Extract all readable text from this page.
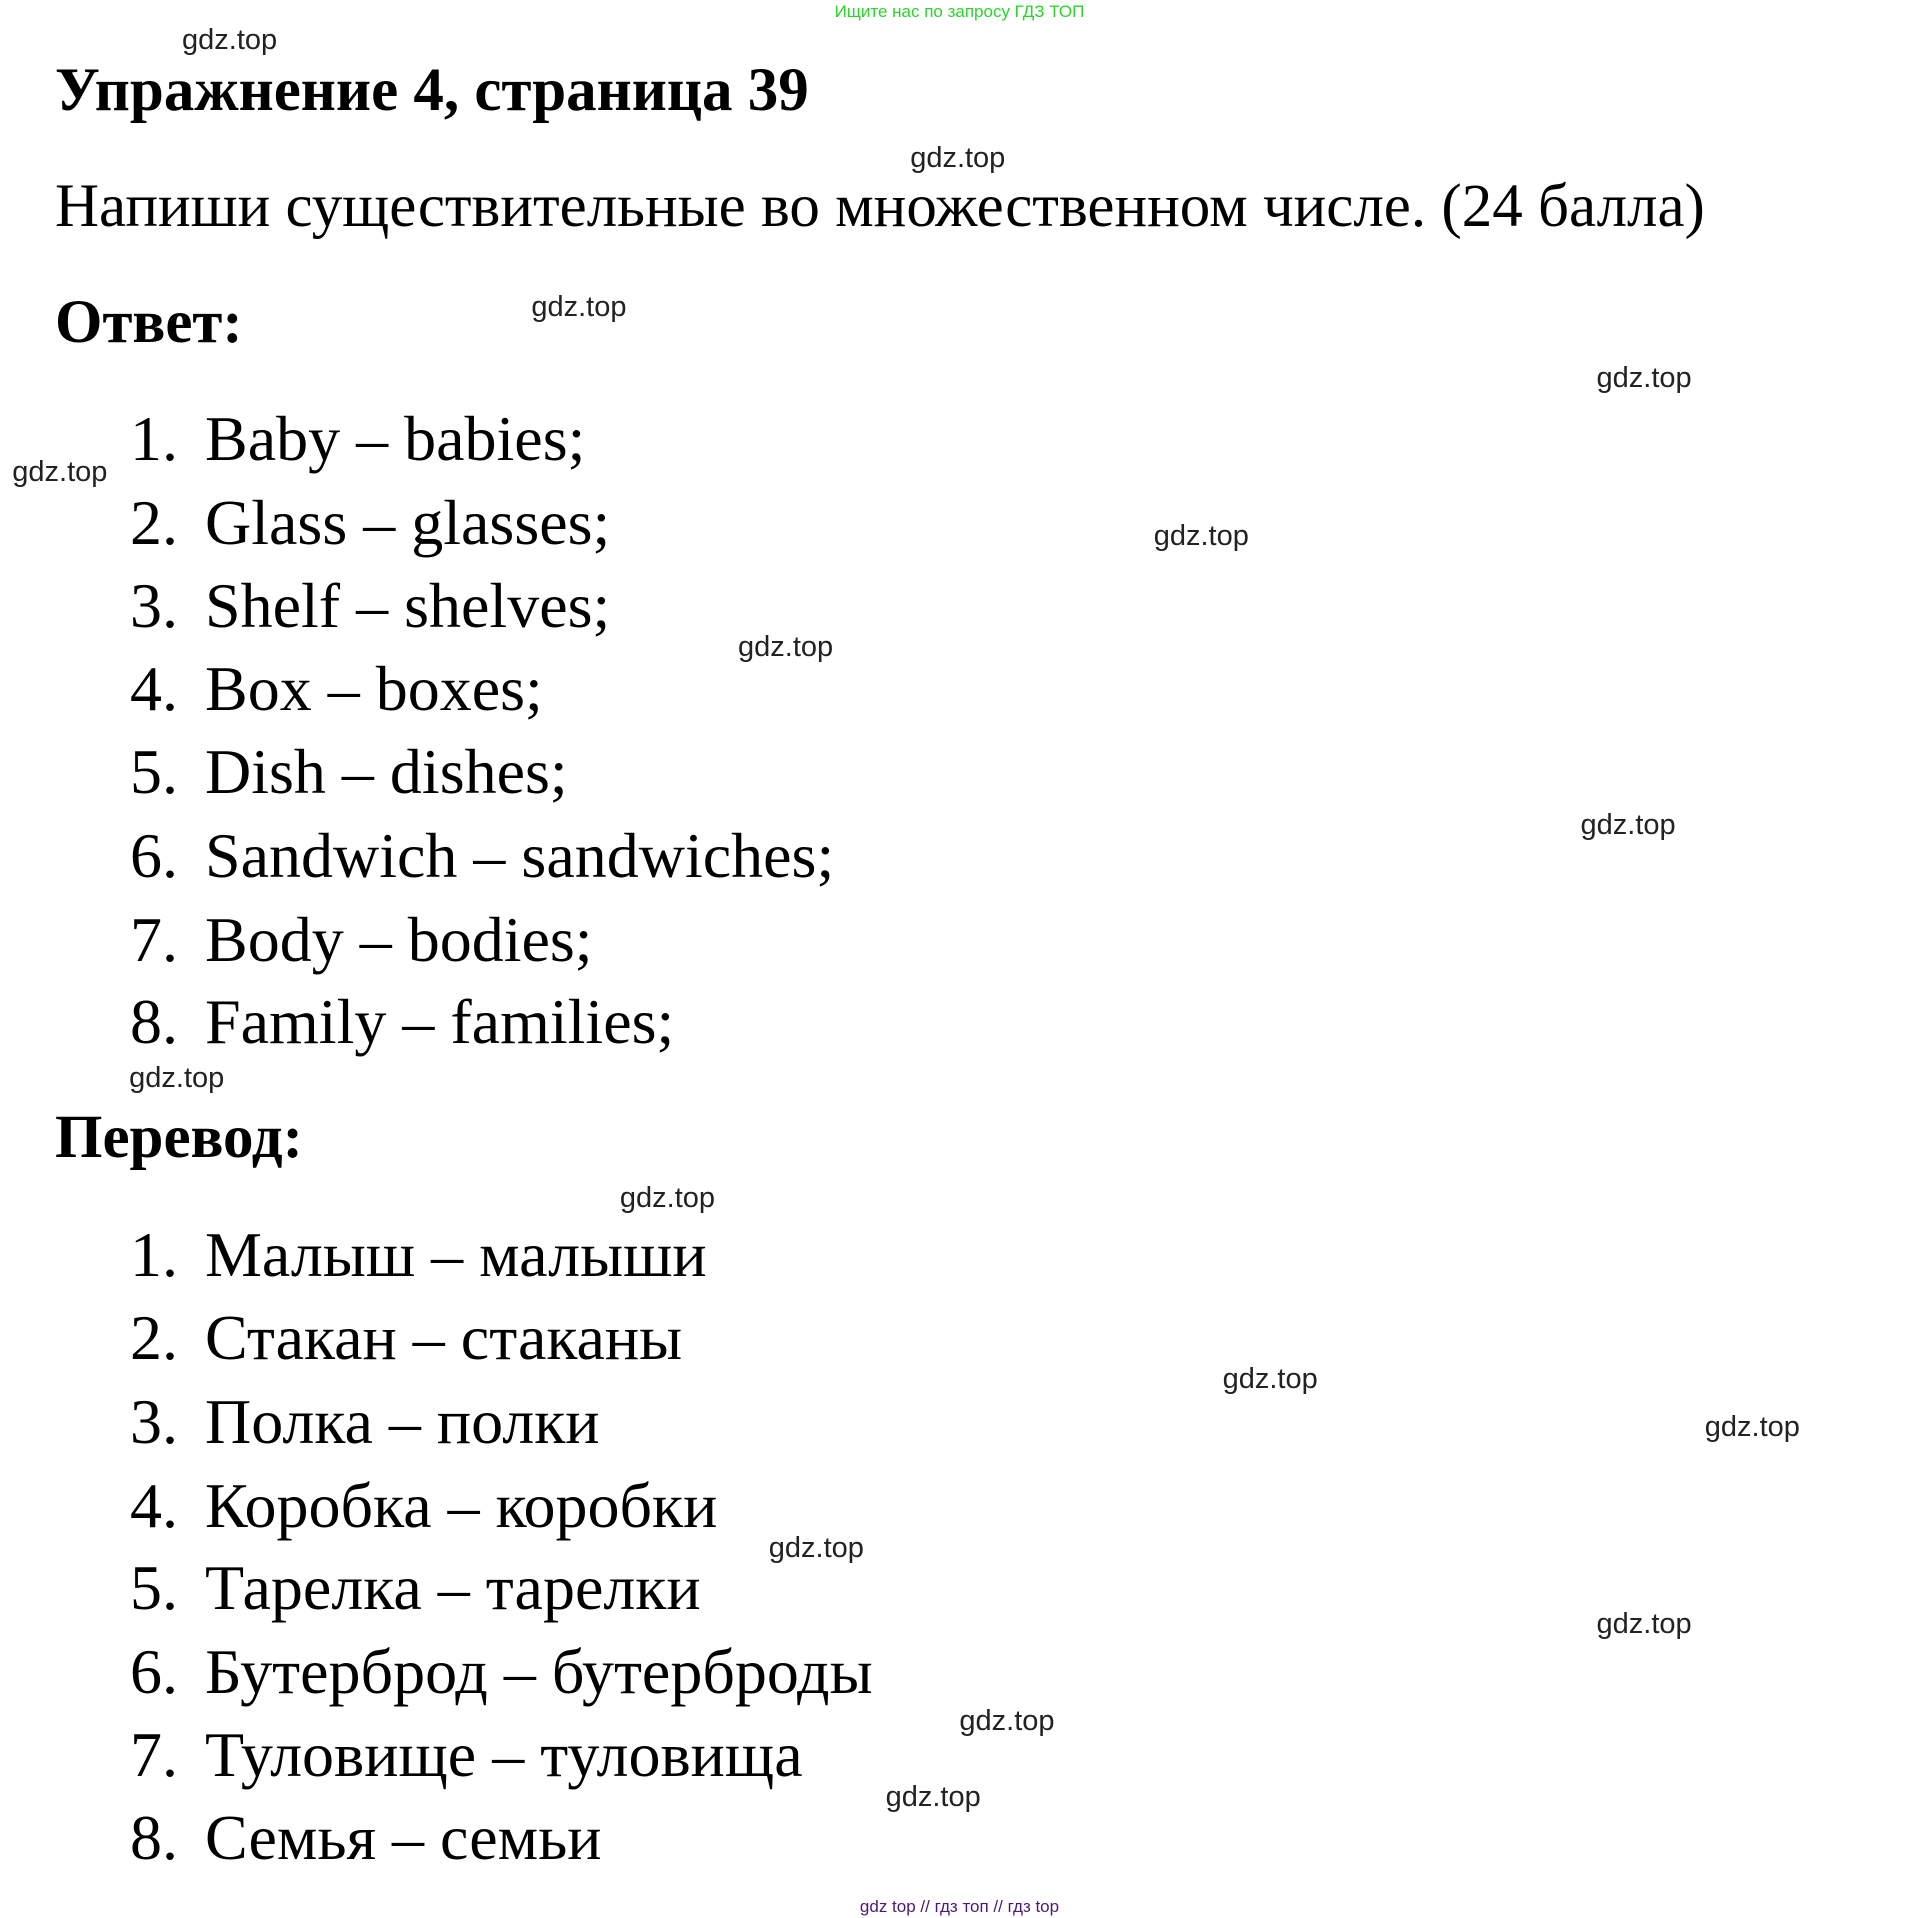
Ищите нас по запросу ГДЗ ТОП
Упражнение 4, страница 39
Напиши существительные во множественном числе. (24 балла)
Ответ:
1. Baby – babies;
2. Glass – glasses;
3. Shelf – shelves;
4. Box – boxes;
5. Dish – dishes;
6. Sandwich – sandwiches;
7. Body – bodies;
8. Family – families;
Перевод:
1. Малыш – малыши
2. Стакан – стаканы
3. Полка – полки
4. Коробка – коробки
5. Тарелка – тарелки
6. Бутерброд – бутерброды
7. Туловище – туловища
8. Семья – семьи
gdz.top
gdz.top
gdz.top
gdz.top
gdz.top
gdz.top
gdz.top
gdz.top
gdz.top
gdz.top
gdz.top
gdz.top
gdz.top
gdz.top
gdz.top
gdz.top
gdz top // гдз топ // гдз top
